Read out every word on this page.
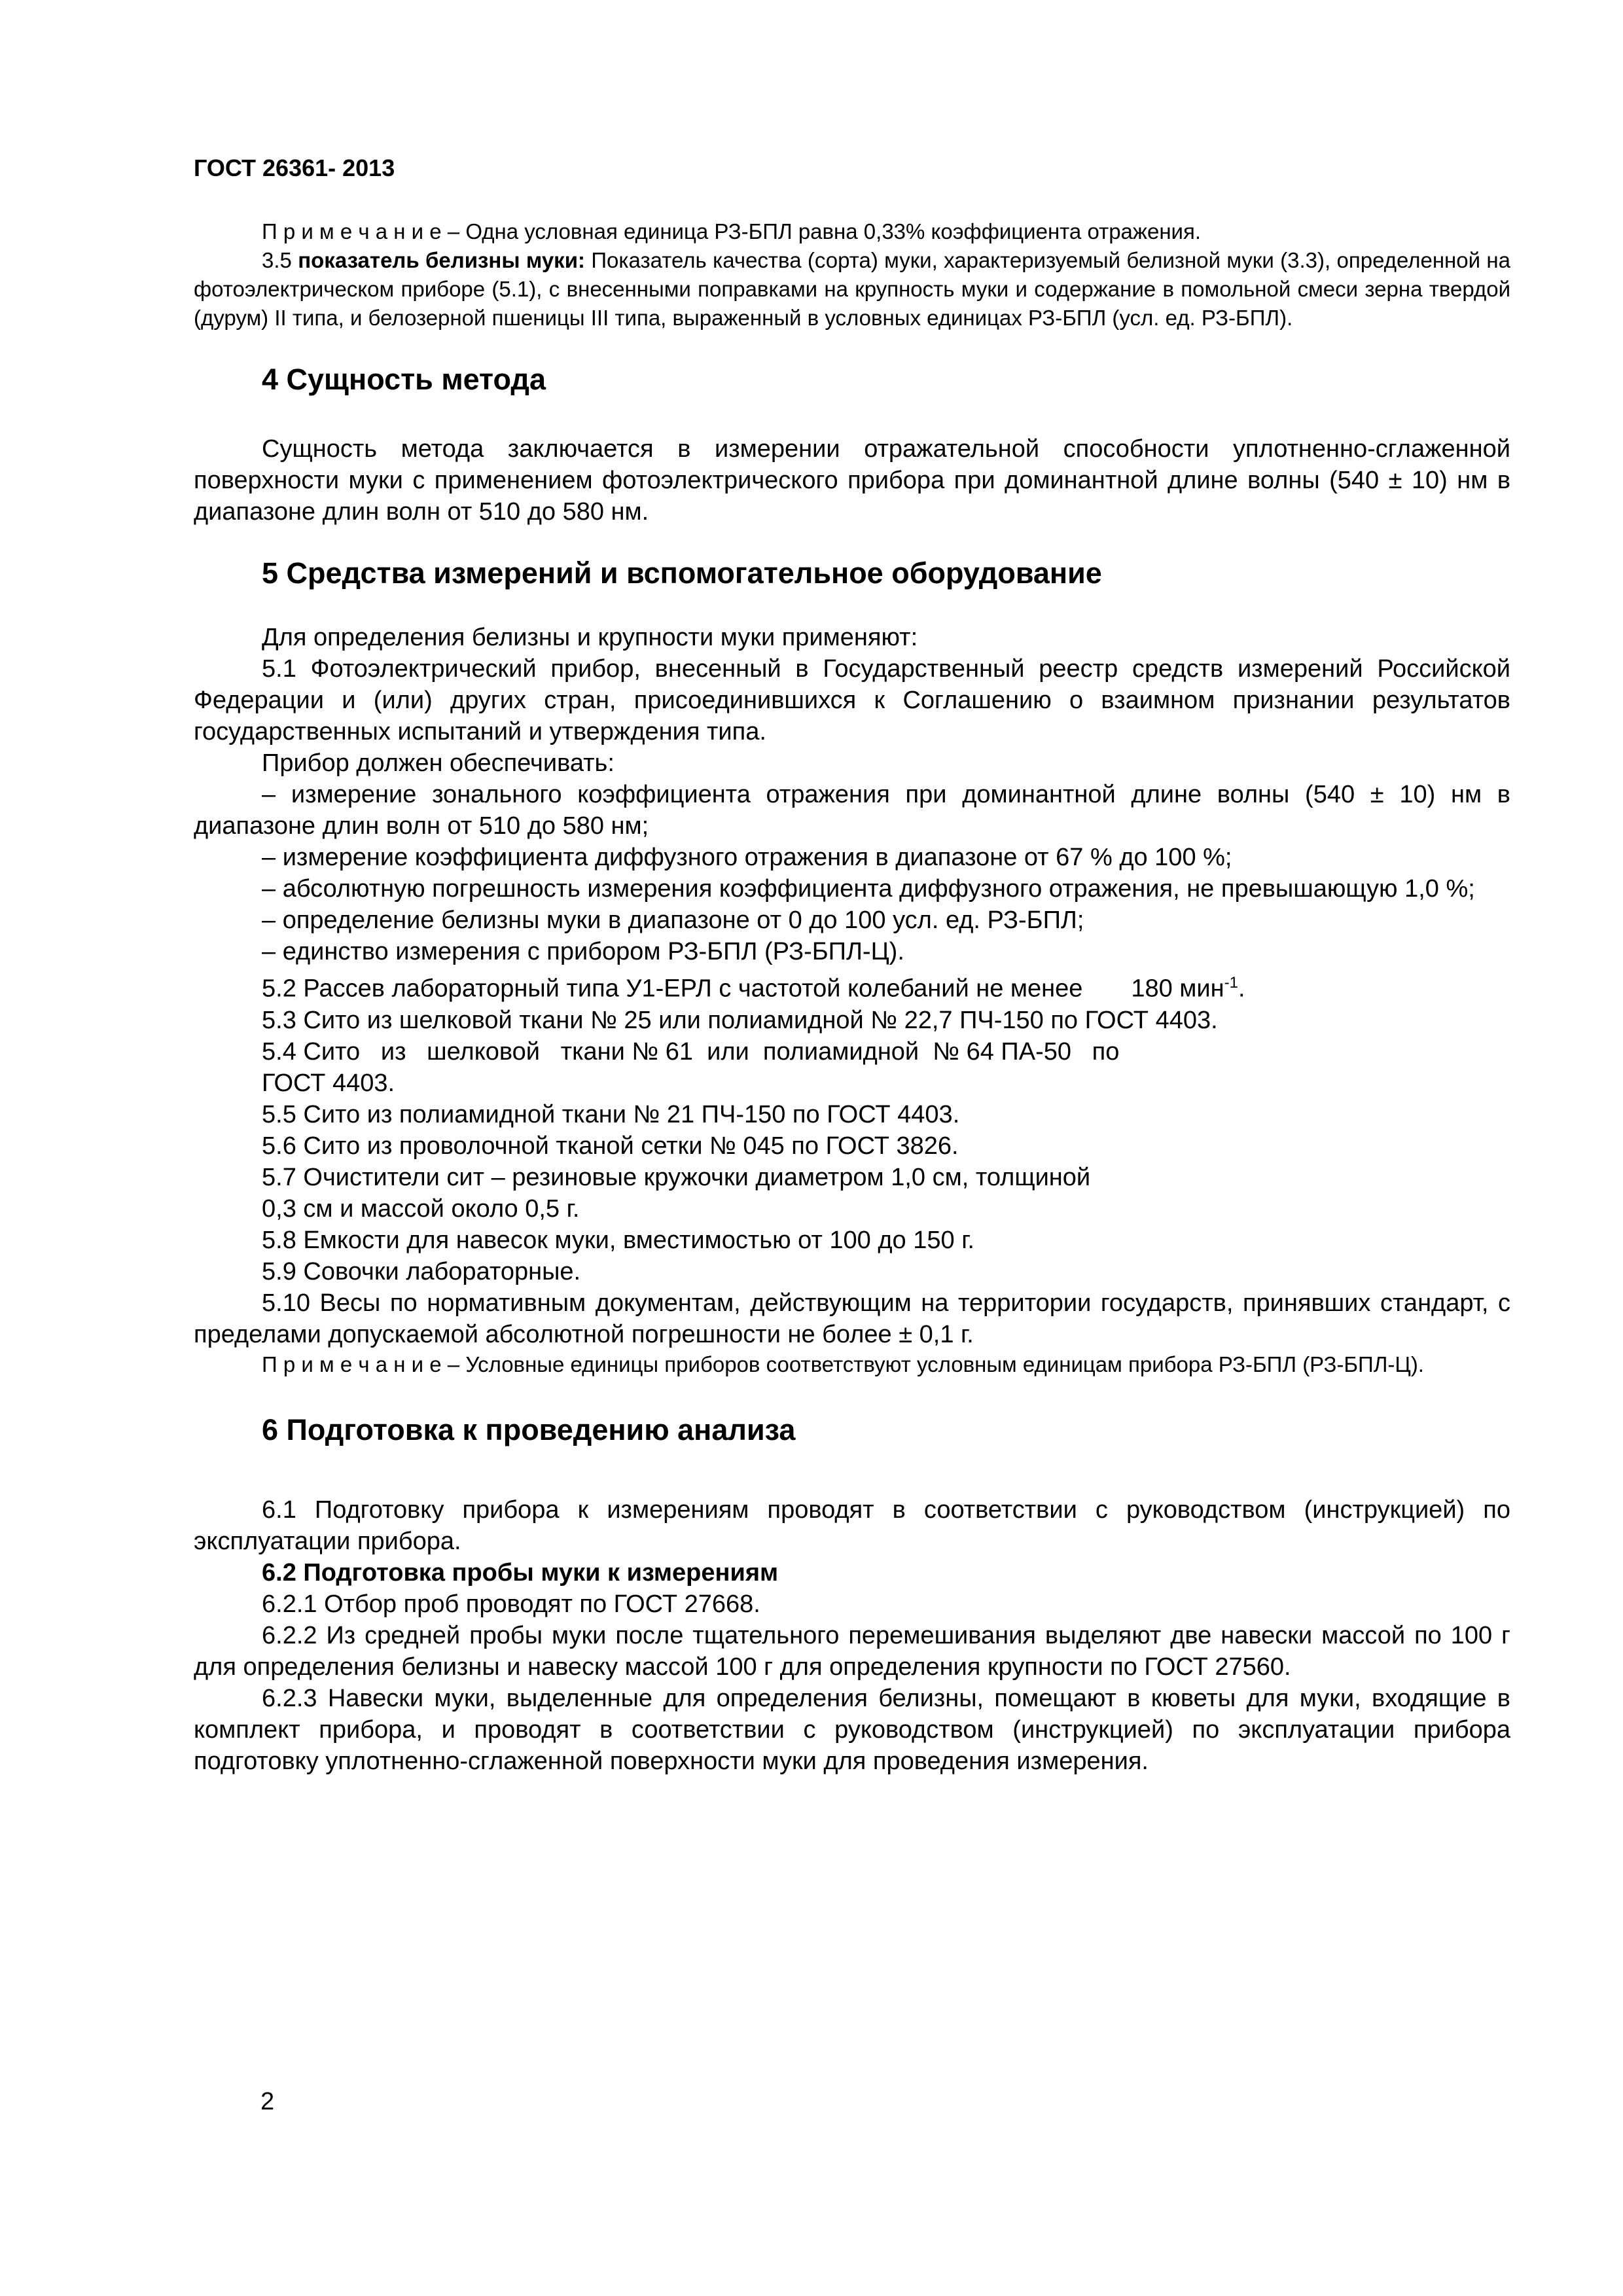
ГОСТ 26361- 2013

П р и м е ч а н и е – Одна условная единица РЗ-БПЛ равна 0,33% коэффициента отражения.

3.5 показатель белизны муки: Показатель качества (сорта) муки, характеризуемый белизной муки (3.3), определенной на фотоэлектрическом приборе (5.1), с внесенными поправками на крупность муки и содержание в помольной смеси зерна твердой (дурум) II типа, и белозерной пшеницы III типа, выраженный в условных единицах РЗ-БПЛ (усл. ед. РЗ-БПЛ).

4 Сущность метода

Сущность метода заключается в измерении отражательной способности уплотненно-сглаженной поверхности муки с применением фотоэлектрического прибора при доминантной длине волны (540 ± 10) нм в диапазоне длин волн от 510 до 580 нм.

5 Средства измерений и вспомогательное оборудование

Для определения белизны и крупности муки применяют:

5.1 Фотоэлектрический прибор, внесенный в Государственный реестр средств измерений Российской Федерации и (или) других стран, присоединившихся к Соглашению о взаимном признании результатов государственных испытаний и утверждения типа.

Прибор должен обеспечивать:

– измерение зонального коэффициента отражения при доминантной длине волны (540 ± 10) нм в диапазоне длин волн от 510 до 580 нм;

– измерение коэффициента диффузного отражения в диапазоне от 67 % до 100 %;

– абсолютную погрешность измерения коэффициента диффузного отражения, не превышающую 1,0 %;

– определение белизны муки в диапазоне от 0 до 100 усл. ед. РЗ-БПЛ;

– единство измерения с прибором РЗ-БПЛ (РЗ-БПЛ-Ц).

5.2 Рассев лабораторный типа У1-ЕРЛ с частотой колебаний не менее       180 мин$^{-1}$.

5.3 Сито из шелковой ткани № 25 или полиамидной № 22,7 ПЧ-150 по ГОСТ 4403.

5.4 Сито   из   шелковой   ткани № 61  или  полиамидной  № 64 ПА-50   по

ГОСТ 4403.

5.5 Сито из полиамидной ткани № 21 ПЧ-150 по ГОСТ 4403.

5.6 Сито из проволочной тканой сетки № 045 по ГОСТ 3826.

5.7 Очистители сит – резиновые кружочки диаметром 1,0 см, толщиной

0,3 см и массой около 0,5 г.

5.8 Емкости для навесок муки, вместимостью от 100 до 150 г.

5.9 Совочки лабораторные.

5.10 Весы по нормативным документам, действующим на территории государств, принявших стандарт, с пределами допускаемой абсолютной погрешности не более ± 0,1 г.

П р и м е ч а н и е – Условные единицы приборов соответствуют условным единицам прибора РЗ-БПЛ (РЗ-БПЛ-Ц).

6 Подготовка к проведению анализа

6.1 Подготовку прибора к измерениям проводят в соответствии с руководством (инструкцией) по эксплуатации прибора.

6.2 Подготовка пробы муки к измерениям

6.2.1 Отбор проб проводят по ГОСТ 27668.

6.2.2 Из средней пробы муки после тщательного перемешивания выделяют две навески массой по 100 г для определения белизны и навеску массой 100 г для определения крупности по ГОСТ 27560.

6.2.3 Навески муки, выделенные для определения белизны, помещают в кюветы для муки, входящие в комплект прибора, и проводят в соответствии с руководством (инструкцией) по эксплуатации прибора подготовку уплотненно-сглаженной поверхности муки для проведения измерения.

2
